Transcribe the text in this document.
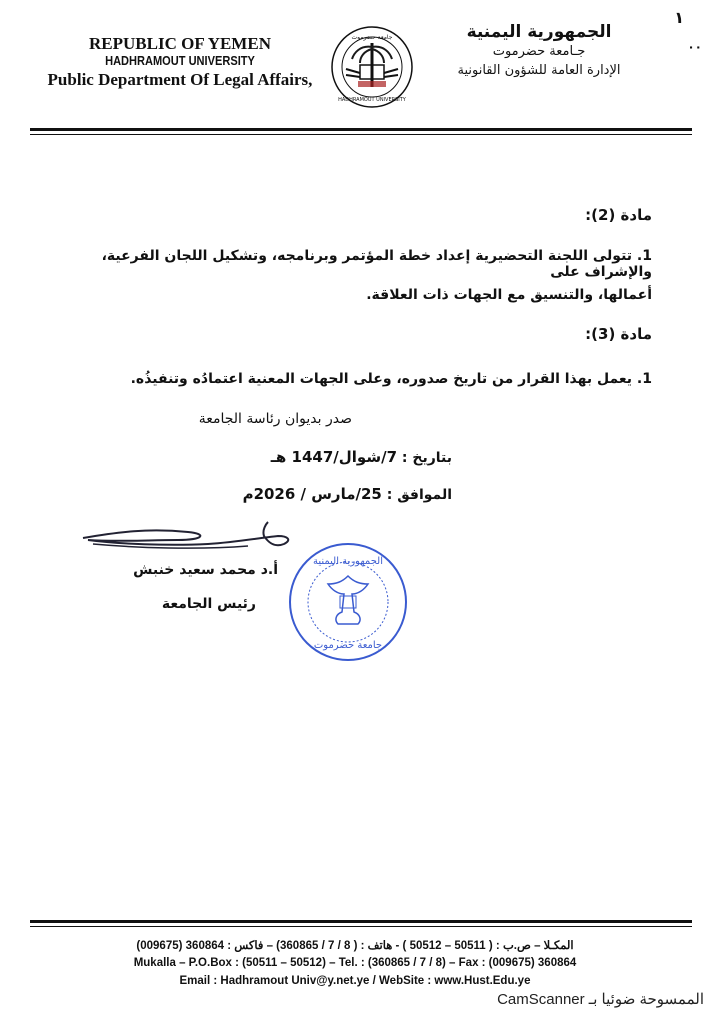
REPUBLIC OF YEMEN
HADHRAMOUT UNIVERSITY
Public Department Of Legal Affairs,
جامعة حضرموت
HADHRAMOUT UNIVERSITY
الجمهورية اليمنية
جـامعة حضرموت
الإدارة العامة للشؤون القانونية
١
٠٠
مادة (2):
1. تتولى اللجنة التحضيرية إعداد خطة المؤتمر وبرنامجه، وتشكيل اللجان الفرعية، والإشراف على
أعمالها، والتنسيق مع الجهات ذات العلاقة.
مادة (3):
1. يعمل بهذا القرار من تاريخ صدوره، وعلى الجهات المعنية اعتمادُه وتنفيذُه.
صدر بديوان رئاسة الجامعة
بتاريخ : 7/شوال/1447 هـ
الموافق : 25/مارس / 2026م
أ.د محمد سعيد خنبش
رئيس الجامعة
الجمهورية اليمنية
جامعة حضرموت
المكـلا – ص.ب : ( 50511 – 50512 ) - هاتف : ( 8 / 7 / 360865) – فاكس : 360864 (009675)
Mukalla – P.O.Box : (50511 – 50512) – Tel. : (360865 / 7 / 8) – Fax : (009675) 360864
Email : Hadhramout Univ@y.net.ye / WebSite : www.Hust.Edu.ye
الممسوحة ضوئيا بـ CamScanner
